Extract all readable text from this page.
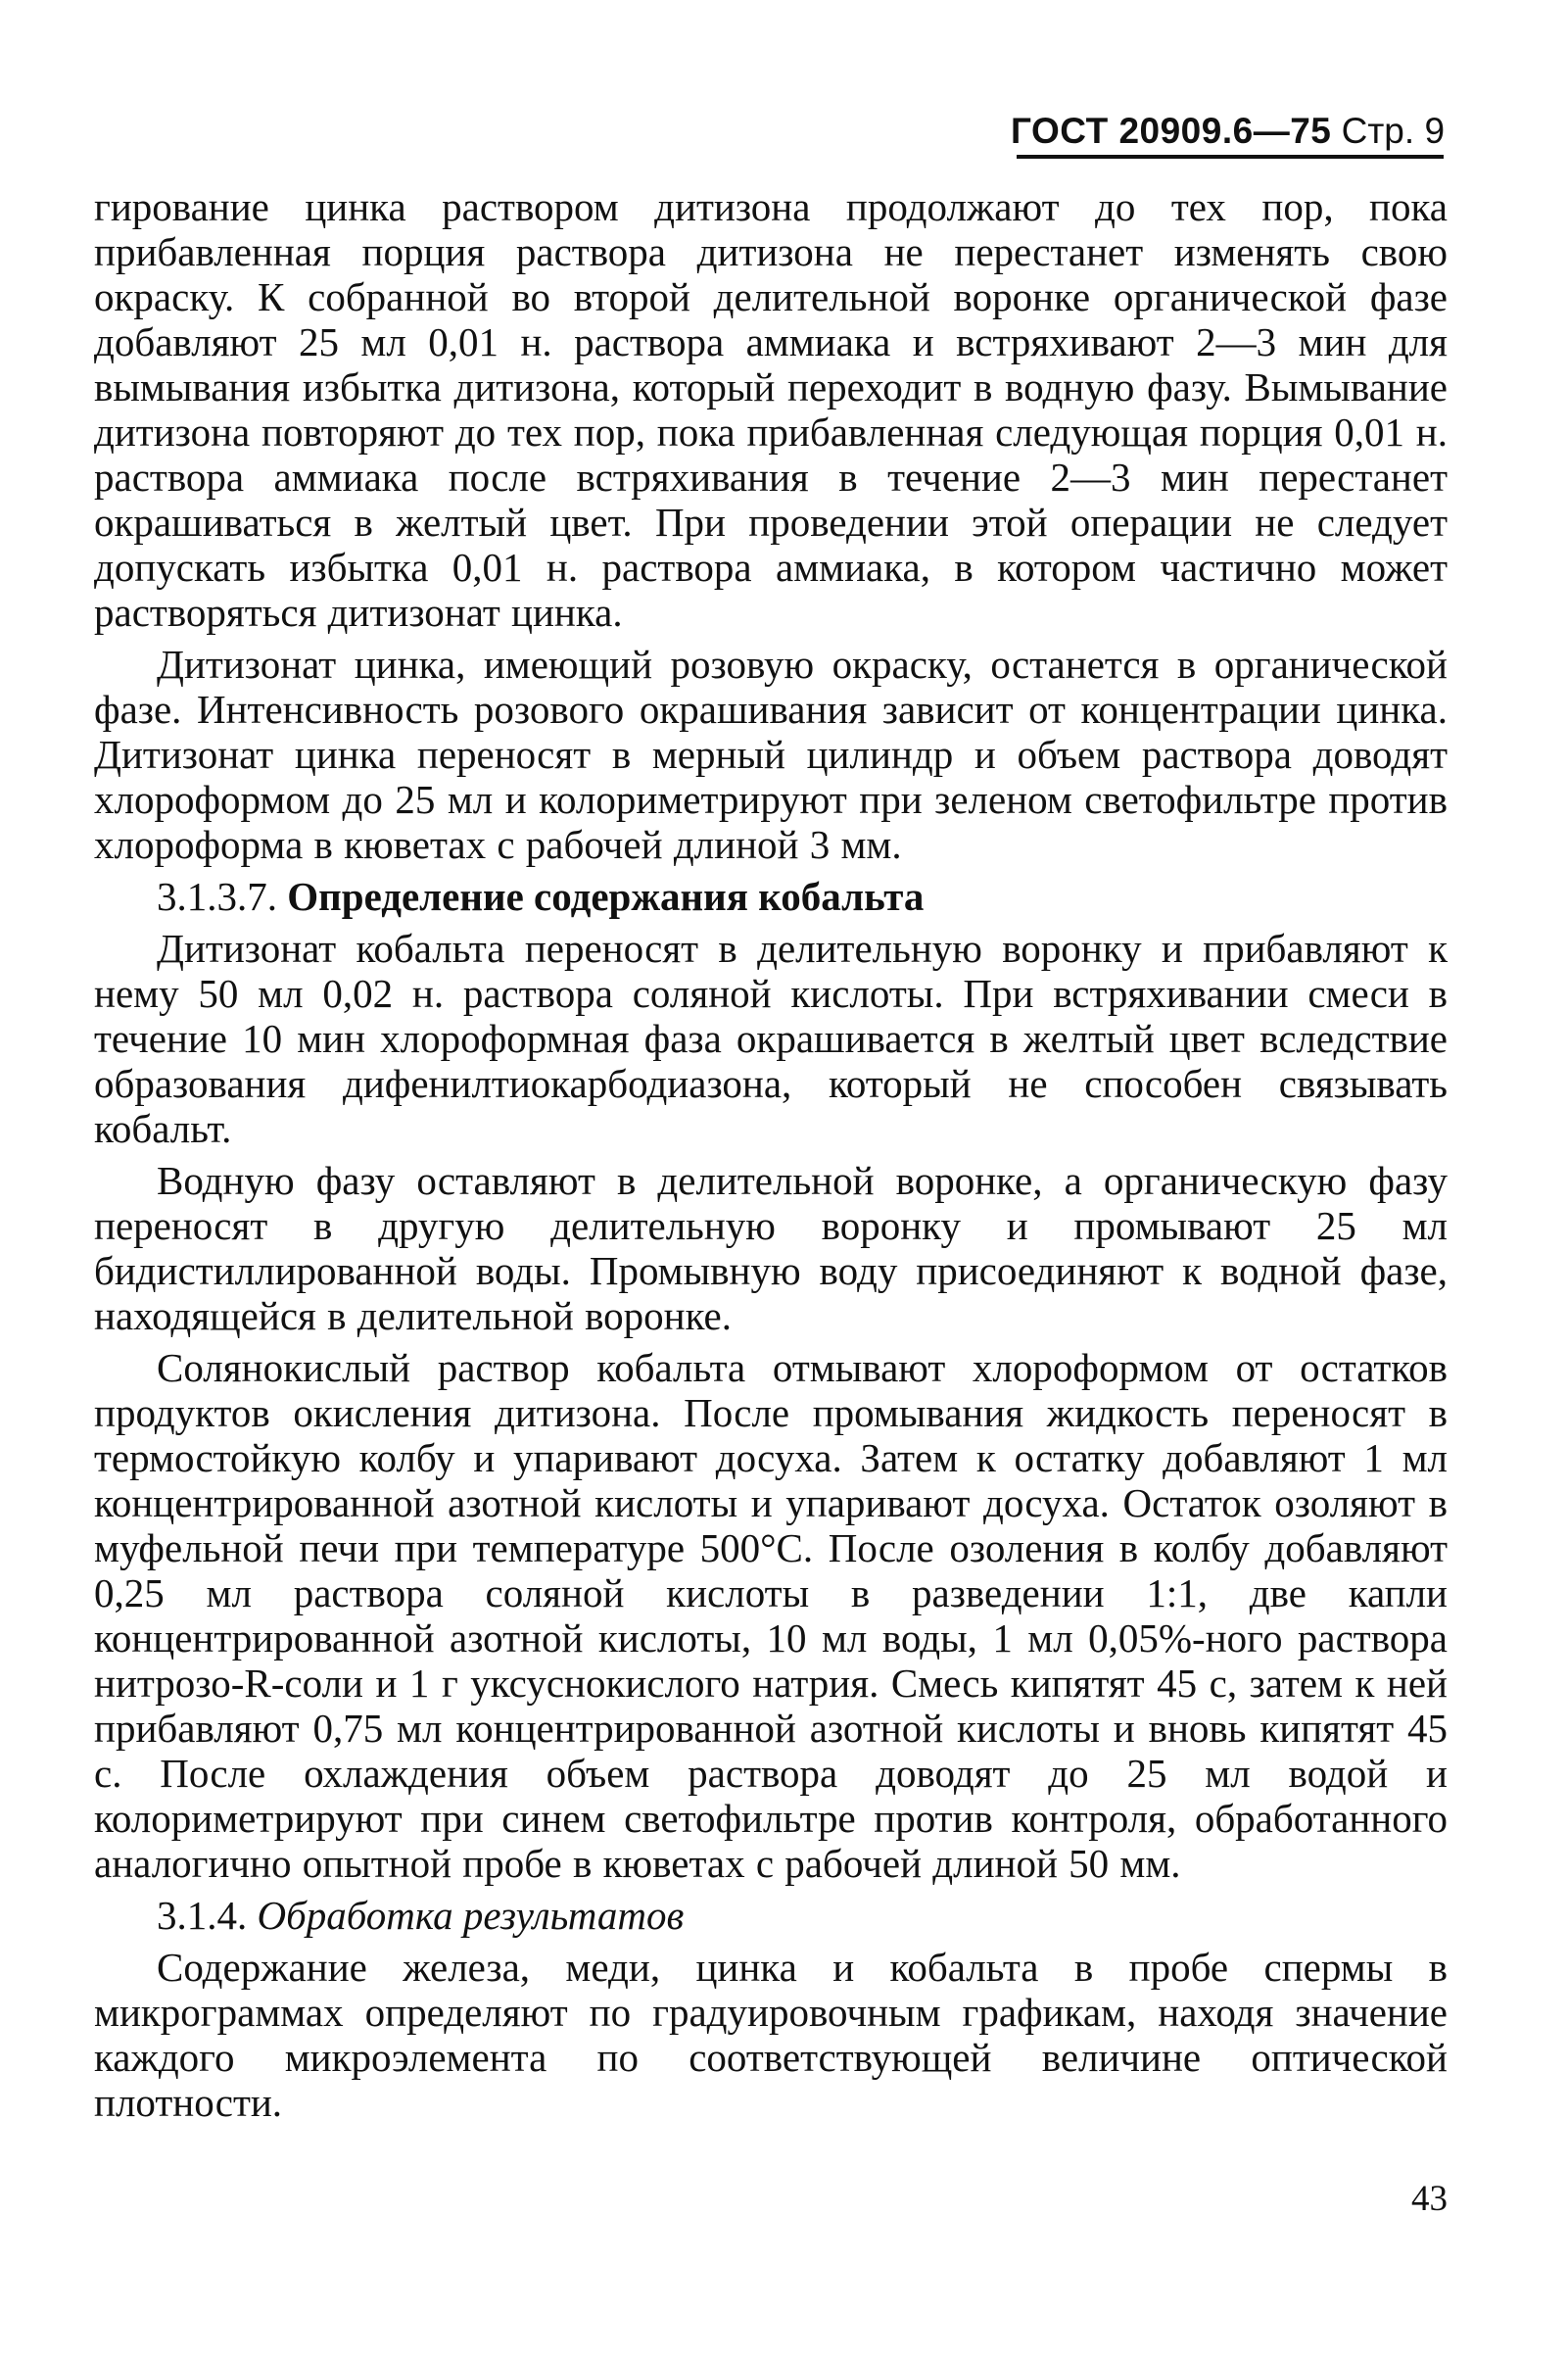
ГОСТ 20909.6—75 Стр. 9

гирование цинка раствором дитизона продолжают до тех пор, пока прибавленная порция раствора дитизона не перестанет изменять свою окраску. К собранной во второй делительной воронке органической фазе добавляют 25 мл 0,01 н. раствора аммиака и встряхивают 2—3 мин для вымывания избытка дитизона, который переходит в водную фазу. Вымывание дитизона повторяют до тех пор, пока прибавленная следующая порция 0,01 н. раствора аммиака после встряхивания в течение 2—3 мин перестанет окрашиваться в желтый цвет. При проведении этой операции не следует допускать избытка 0,01 н. раствора аммиака, в котором частично может растворяться дитизонат цинка.

Дитизонат цинка, имеющий розовую окраску, останется в органической фазе. Интенсивность розового окрашивания зависит от концентрации цинка. Дитизонат цинка переносят в мерный цилиндр и объем раствора доводят хлороформом до 25 мл и колориметрируют при зеленом светофильтре против хлороформа в кюветах с рабочей длиной 3 мм.

3.1.3.7. Определение содержания кобальта

Дитизонат кобальта переносят в делительную воронку и прибавляют к нему 50 мл 0,02 н. раствора соляной кислоты. При встряхивании смеси в течение 10 мин хлороформная фаза окрашивается в желтый цвет вследствие образования дифенилтиокарбодиазона, который не способен связывать кобальт.

Водную фазу оставляют в делительной воронке, а органическую фазу переносят в другую делительную воронку и промывают 25 мл бидистиллированной воды. Промывную воду присоединяют к водной фазе, находящейся в делительной воронке.

Солянокислый раствор кобальта отмывают хлороформом от остатков продуктов окисления дитизона. После промывания жидкость переносят в термостойкую колбу и упаривают досуха. Затем к остатку добавляют 1 мл концентрированной азотной кислоты и упаривают досуха. Остаток озоляют в муфельной печи при температуре 500°С. После озоления в колбу добавляют 0,25 мл раствора соляной кислоты в разведении 1:1, две капли концентрированной азотной кислоты, 10 мл воды, 1 мл 0,05%-ного раствора нитрозо-R-соли и 1 г уксуснокислого натрия. Смесь кипятят 45 с, затем к ней прибавляют 0,75 мл концентрированной азотной кислоты и вновь кипятят 45 с. После охлаждения объем раствора доводят до 25 мл водой и колориметрируют при синем светофильтре против контроля, обработанного аналогично опытной пробе в кюветах с рабочей длиной 50 мм.

3.1.4. Обработка результатов

Содержание железа, меди, цинка и кобальта в пробе спермы в микрограммах определяют по градуировочным графикам, находя значение каждого микроэлемента по соответствующей величине оптической плотности.

43
